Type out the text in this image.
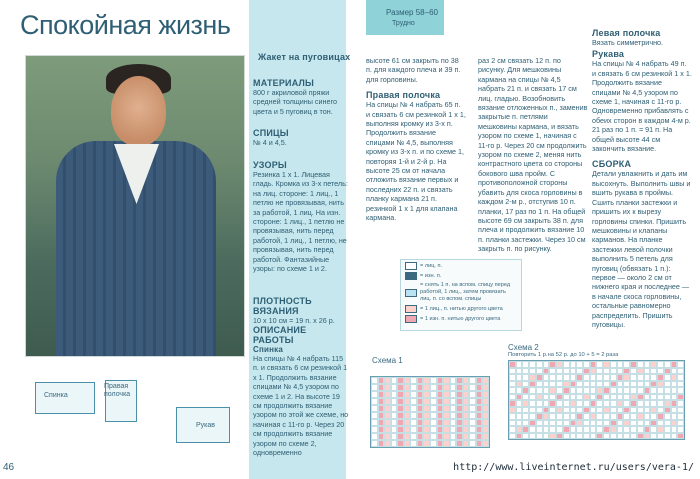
Спокойная жизнь
Спинка
Правая полочка
Рукав
Жакет на пуговицах
МАТЕРИАЛЫ
800 г акриловой пряжи средней толщины синего цвета и 5 пуговиц в тон.
СПИЦЫ
№ 4 и 4,5.
УЗОРЫ
Резинка 1 х 1. Лицевая гладь. Кромка из 3-х петель: на лиц. стороне: 1 лиц., 1 петлю не провязывая, нить за работой, 1 лиц. На изн. стороне: 1 лиц., 1 петлю не провязывая, нить перед работой, 1 лиц., 1 петлю, не провязывая, нить перед работой. Фантазийные узоры: по схеме 1 и 2.
ПЛОТНОСТЬ ВЯЗАНИЯ
10 х 10 см = 19 п. х 26 р.
ОПИСАНИЕ РАБОТЫ
Спинка
На спицы № 4 набрать 115 п. и связать 6 см резинкой 1 х 1. Продолжить вязание спицами № 4,5 узором по схеме 1 и 2. На высоте 19 см продолжить вязание узором по этой же схеме, но начиная с 11-го р. Через 20 см продолжить вязание узором по схеме 2, одновременно
Размер 58–60
Трудно
высоте 61 см закрыть по 38 п. для каждого плеча и 39 п. для горловины.
Правая полочка
На спицы № 4 набрать 65 п. и связать 6 см резинкой 1 х 1, выполняя кромку из 3-х п. Продолжить вязание спицами № 4,5, выполняя кромку из 3-х п. и по схеме 1, повторяя 1-й и 2-й р. На высоте 25 см от начала отложить вязание первых и последних 22 п. и связать планку кармана 21 п. резинкой 1 х 1 для клапана кармана.
раз 2 см связать 12 п. по рисунку. Для мешковины кармана на спицы № 4,5 набрать 21 п. и связать 17 см лиц. гладью. Возобновить вязание отложенных п., заменив закрытые п. петлями мешковины кармана, и вязать узором по схеме 1, начиная с 11-го р. Через 20 см продолжить узором по схеме 2, меняя нить контрастного цвета со стороны бокового шва пройм. С противоположной стороны убавить для скоса горловины в каждом 2-м р., отступив 10 п. планки, 17 раз по 1 п. На общей высоте 69 см закрыть 38 п. для плеча и продолжить вязание 10 п. планки застежки. Через 10 см закрыть п. по рисунку.
Левая полочка
Вязать симметрично.
Рукава
На спицы № 4 набрать 49 п. и связать 6 см резинкой 1 х 1. Продолжить вязание спицами № 4,5 узором по схеме 1, начиная с 11-го р. Одновременно прибавлять с обеих сторон в каждом 4-м р. 21 раз по 1 п. = 91 п. На общей высоте 44 см закончить вязание.
СБОРКА
Детали увлажнить и дать им высохнуть. Выполнить швы и вшить рукава в проймы. Сшить планки застежки и пришить их к вырезу горловины спинки. Пришить мешковины и клапаны карманов. На планке застежки левой полочки выполнить 5 петель для пуговиц (обвязать 1 п.): первое — около 2 см от нижнего края и последнее — в начале скоса горловины, остальные равномерно распределить. Пришить пуговицы.
= лиц. п.
= изн. п.
= снять 1 п. на вспом. спицу перед работой, 1 лиц., затем провязать лиц. п. со вспом. спицы
= 1 лиц., п. нитью другого цвета
= 1 изн. п. нитью другого цвета
Схема 1
Схема 2
Повторить 1 р.на 52 р. до 10 + 5 = 2 раза
46	http://www.liveinternet.ru/users/vera-1/
